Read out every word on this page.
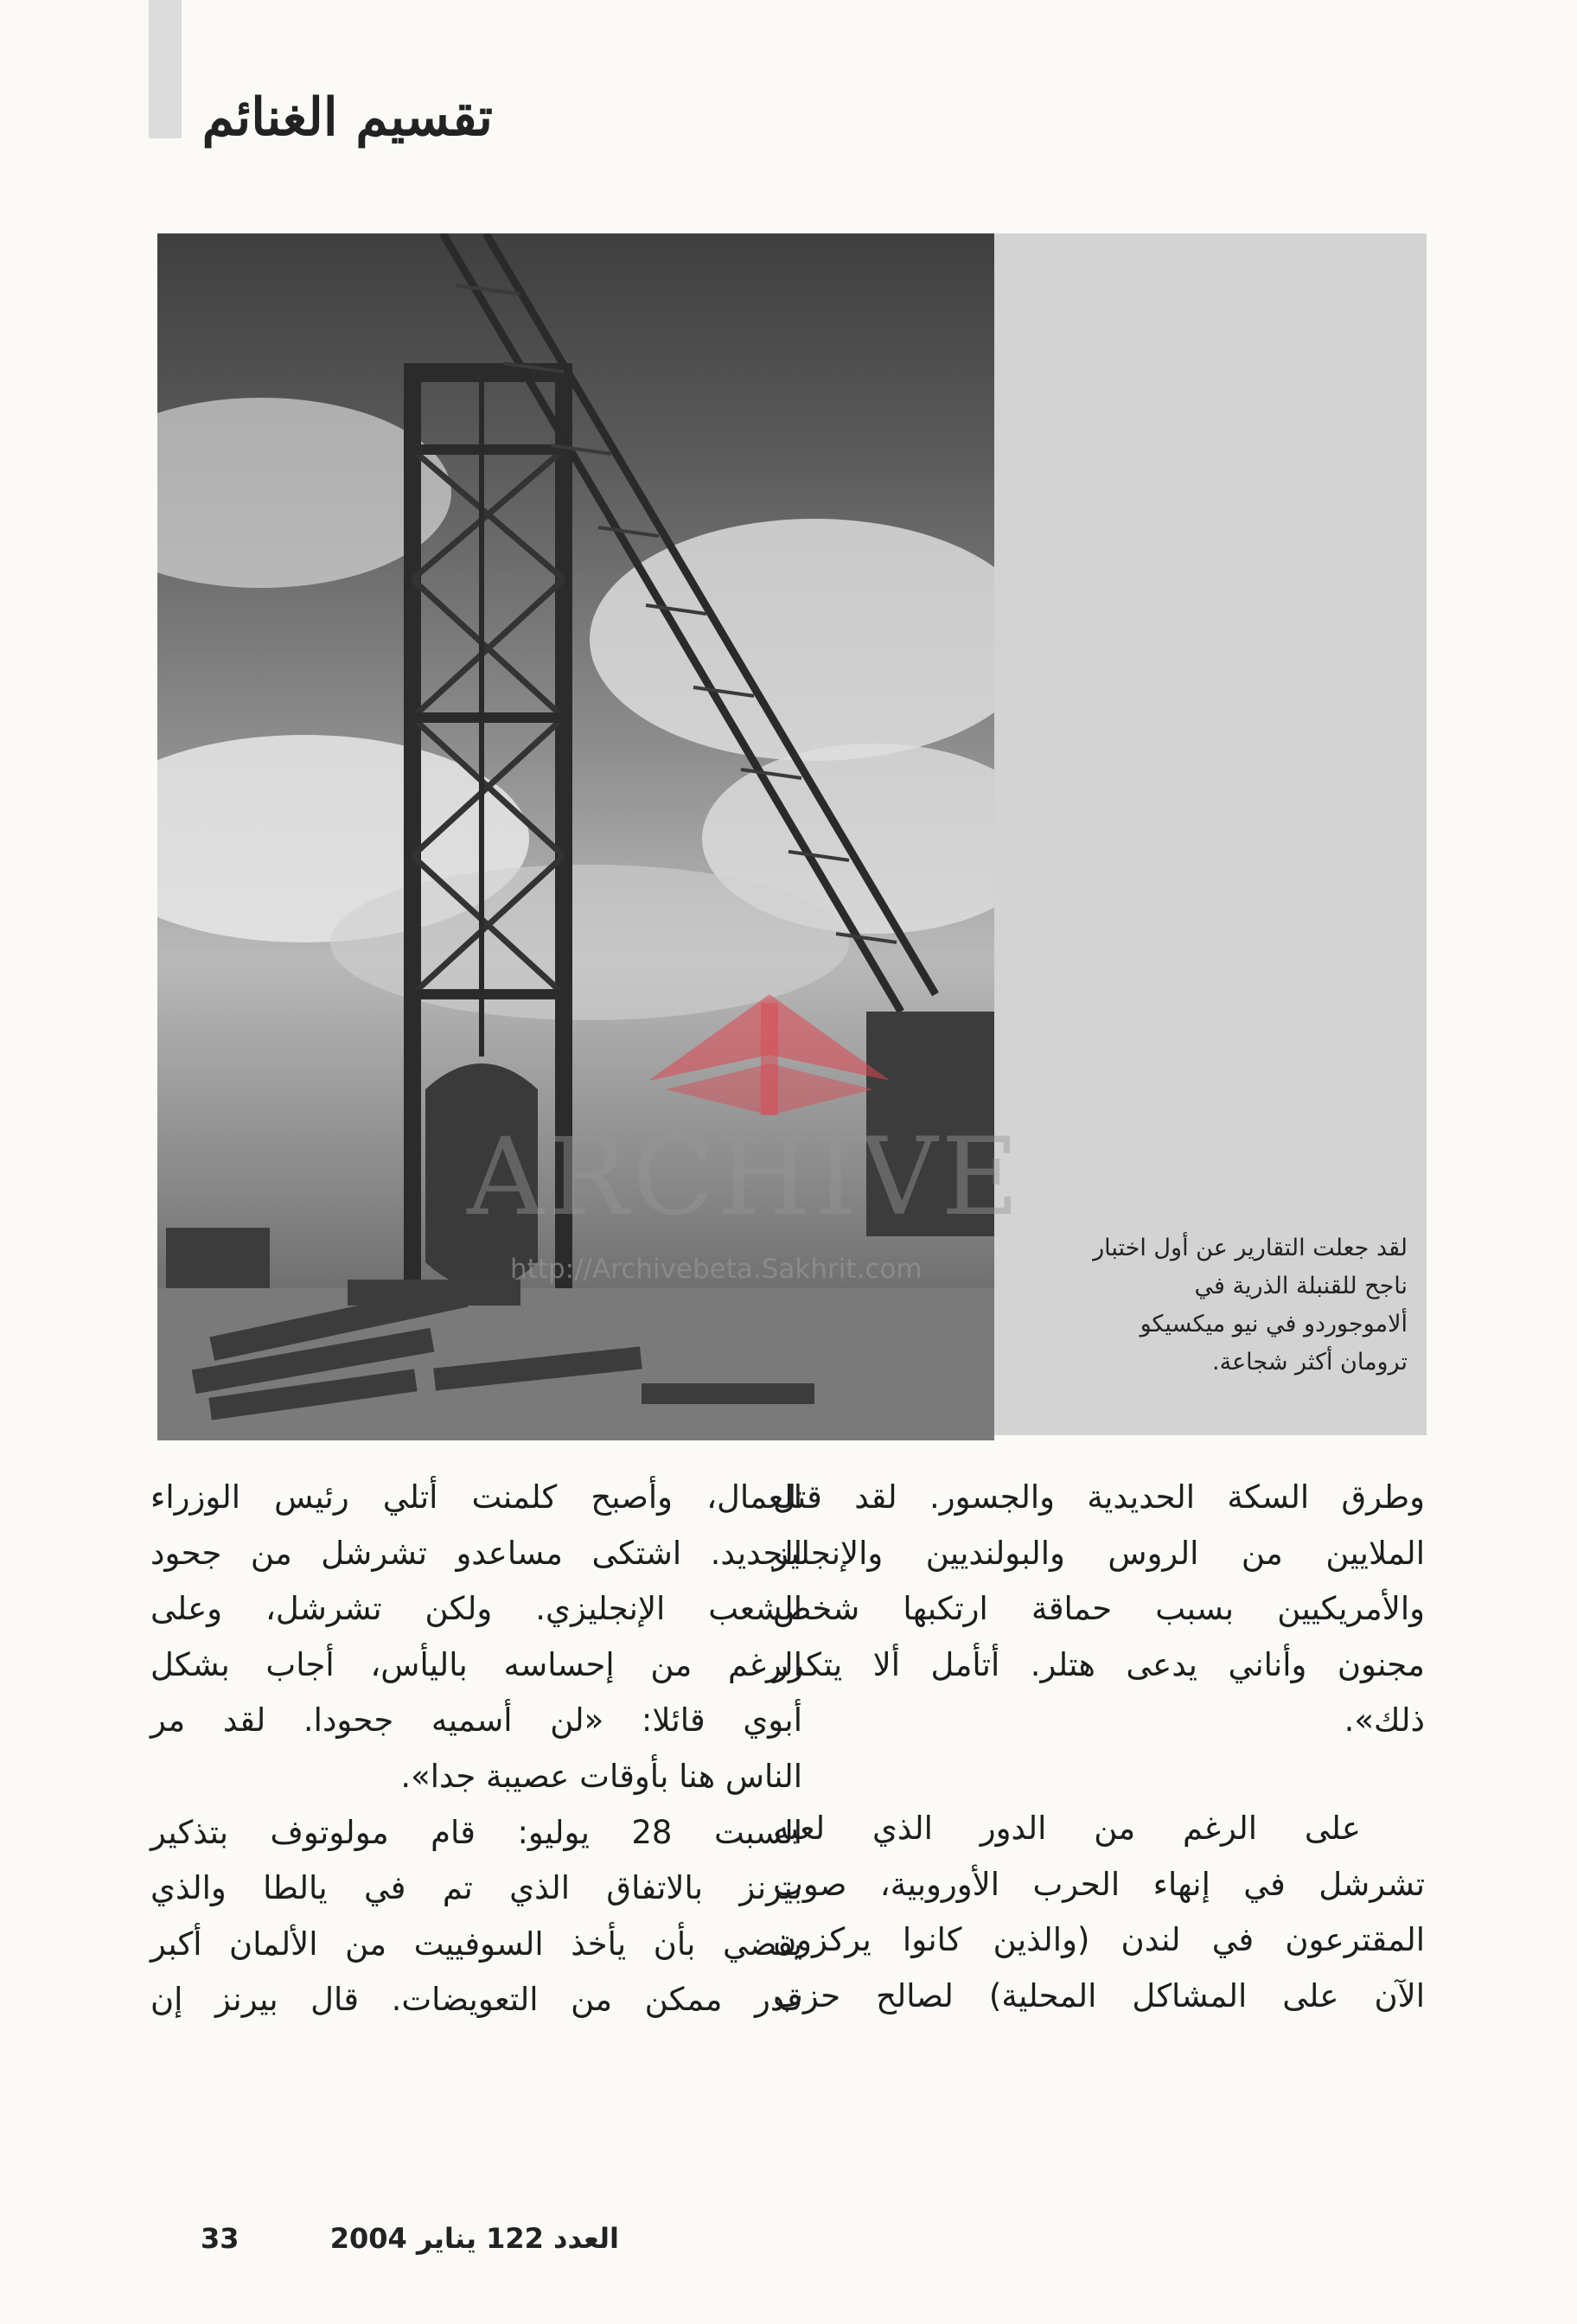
تقسيم الغنائم
لقد جعلت التقارير عن أول اختبار
ناجح للقنبلة الذرية في
ألاموجوردو في نيو ميكسيكو
ترومان أكثر شجاعة.
ARCHIVE
http://Archivebeta.Sakhrit.com
وطرق السكة الحديدية والجسور. لقد قتل
الملايين من الروس والبولنديين والإنجليز
والأمريكيين بسبب حماقة ارتكبها شخص
مجنون وأناني يدعى هتلر. أتأمل ألا يتكرر
ذلك».
على الرغم من الدور الذي لعبه
تشرشل في إنهاء الحرب الأوروبية، صوت
المقترعون في لندن (والذين كانوا يركزون
الآن على المشاكل المحلية) لصالح حزب
العمال، وأصبح كلمنت أتلي رئيس الوزراء
الجديد. اشتكى مساعدو تشرشل من جحود
الشعب الإنجليزي. ولكن تشرشل، وعلى
الرغم من إحساسه باليأس، أجاب بشكل
أبوي قائلا: «لن أسميه جحودا. لقد مر
الناس هنا بأوقات عصيبة جدا».
السبت 28 يوليو: قام مولوتوف بتذكير
بيرنز بالاتفاق الذي تم في يالطا والذي
يقضي بأن يأخذ السوفييت من الألمان أكبر
قدر ممكن من التعويضات. قال بيرنز إن
33	العدد 122 يناير 2004
